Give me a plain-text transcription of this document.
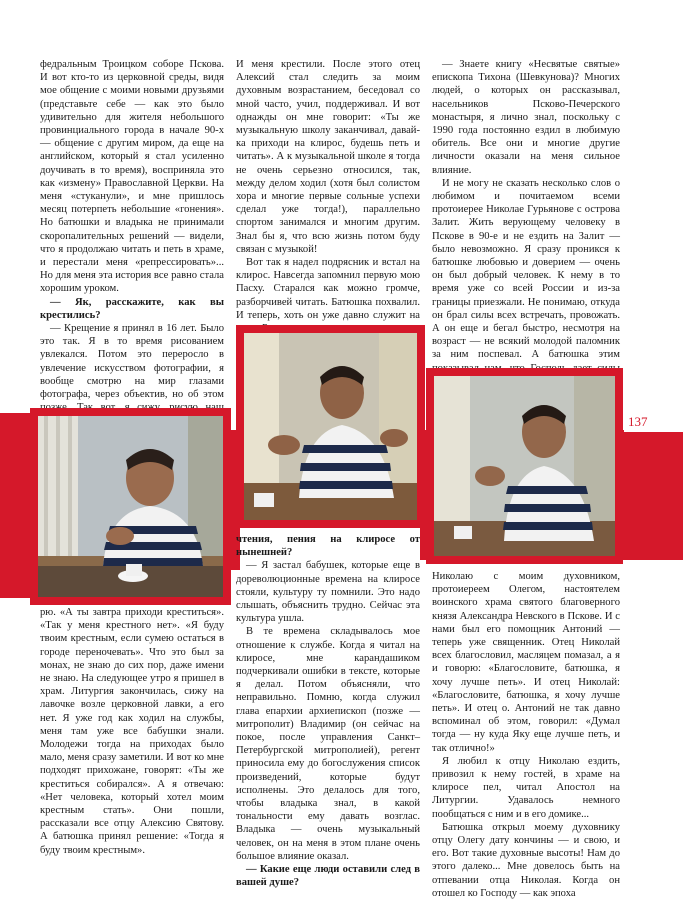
137

федральным Троицком соборе Пскова. И вот кто-то из церковной среды, видя мое общение с моими новыми друзьями (представьте себе — как это было удивительно для жителя небольшого провинциального города в начале 90-х — общение с другим миром, да еще на английском, который я стал усиленно доучивать в то время), восприняла это как «измену» Православной Церкви. На меня «стуканули», и мне пришлось месяц потерпеть небольшие «гонения». Но батюшки и владыка не принимали скоропалительных решений — видели, что я продолжаю читать и петь в храме, и перестали меня «репрессировать»... Но для меня эта история все равно стала хорошим уроком.

— Як, расскажите, как вы крестились?

— Крещение я принял в 16 лет. Было это так. Я в то время рисованием увлекался. Потом это переросло в увлечение искусством фотографии, я вообще смотрю на мир глазами фотографа, через объектив, но об этом

И меня крестили. После этого отец Алексий стал следить за моим духовным возрастанием, беседовал со мной часто, учил, поддерживал. И вот однажды он мне говорит: «Ты же музыкальную школу заканчивал, давай-ка приходи на клирос, будешь петь и читать». А к музыкальной школе я тогда не очень серьезно относился, так, между делом ходил (хотя был солистом хора и многие первые сольные успехи сделал уже тогда!), параллельно спортом занимался и многим другим. Знал бы я, что всю жизнь потом буду связан с музыкой!

Вот так я надел подрясник и встал на клирос. Навсегда запомнил первую мою Пасху. Старался как можно громче, разборчивей читать. Батюшка похвалил. И теперь, хоть он уже давно служит на

— Знаете книгу «Несвятые святые» епископа Тихона (Шевкунова)? Многих людей, о которых он рассказывал, насельников Псково-Печерского монастыря, я лично знал, поскольку с 1990 года постоянно ездил в любимую обитель. Все они и многие другие личности оказали на меня сильное влияние.

И не могу не сказать несколько слов о любимом и почитаемом всеми протоиерее Николае Гурьянове с острова Залит. Жить верующему человеку в Пскове в 90-е и не ездить на Залит — было невозможно. Я сразу проникся к батюшке любовью и доверием — очень он был добрый человек. К нему в то время уже со всей России и из-за границы приезжали. Не понимаю, откуда он брал силы всех встречать, провожать. А он еще и бегал быстро, несмотря на возраст — не всякий молодой паломник за ним поспевал. А батюшка этим

рю. «А ты завтра приходи креститься». «Так у меня крестного нет». «Я буду твоим крестным, если сумею остаться в городе переночевать». Что это был за монах, не знаю до сих пор, даже имени не знаю. На следующее утро я пришел в храм. Литургия закончилась, сижу на лавочке возле церковной лавки, а его нет. Я уже год как ходил на службы, меня там уже все бабушки знали. Молодежи тогда на приходах было мало, меня сразу заметили. И вот ко мне подходят прихожане, говорят: «Ты же креститься собирался». А я отвечаю: «Нет человека, который хотел моим крестным стать». Они пошли, рассказали все отцу Алексию Святову. А батюшка принял решение: «Тогда я буду твоим крестным».

чтения, пения на клиросе от нынешней?

— Я застал бабушек, которые еще в дореволюционные времена на клиросе стояли, культуру ту помнили. Это надо слышать, объяснить трудно. Сейчас эта культура ушла.

В те времена складывалось мое отношение к службе. Когда я читал на клиросе, мне карандашиком подчеркивали ошибки в тексте, которые я делал. Потом объясняли, что неправильно. Помню, когда служил глава епархии архиепископ (позже — митрополит) Владимир (он сейчас на покое, после управления Санкт–Петербургской митрополией), регент приносила ему до богослужения список произведений, которые будут исполнены. Это делалось для того, чтобы владыка знал, в какой тональности ему давать возглас. Владыка — очень музыкальный человек, он на меня в этом плане очень большое влияние оказал.

— Какие еще люди оставили след в вашей душе?

Николаю с моим духовником, протоиереем Олегом, настоятелем воинского храма святого благоверного князя Александра Невского в Пскове. И с нами был его помощник Антоний — теперь уже священник. Отец Николай всех благословил, масляцем помазал, а я и говорю: «Благословите, батюшка, я хочу лучше петь». И отец Николай: «Благословите, батюшка, я хочу лучше петь». И отец о. Антоний не так давно вспоминал об этом, говорил: «Думал тогда — ну куда Яку еще лучше петь, и так отлично!»

Я любил к отцу Николаю ездить, привозил к нему гостей, в храме на клиросе пел, читал Апостол на Литургии. Удавалось немного пообщаться с ним и в его домике...

Батюшка открыл моему духовнику отцу Олегу дату кончины — и свою, и его. Вот такие духовные высоты! Нам до этого далеко... Мне довелось быть на отпевании отца Николая. Когда он отошел ко Господу — как эпоха
